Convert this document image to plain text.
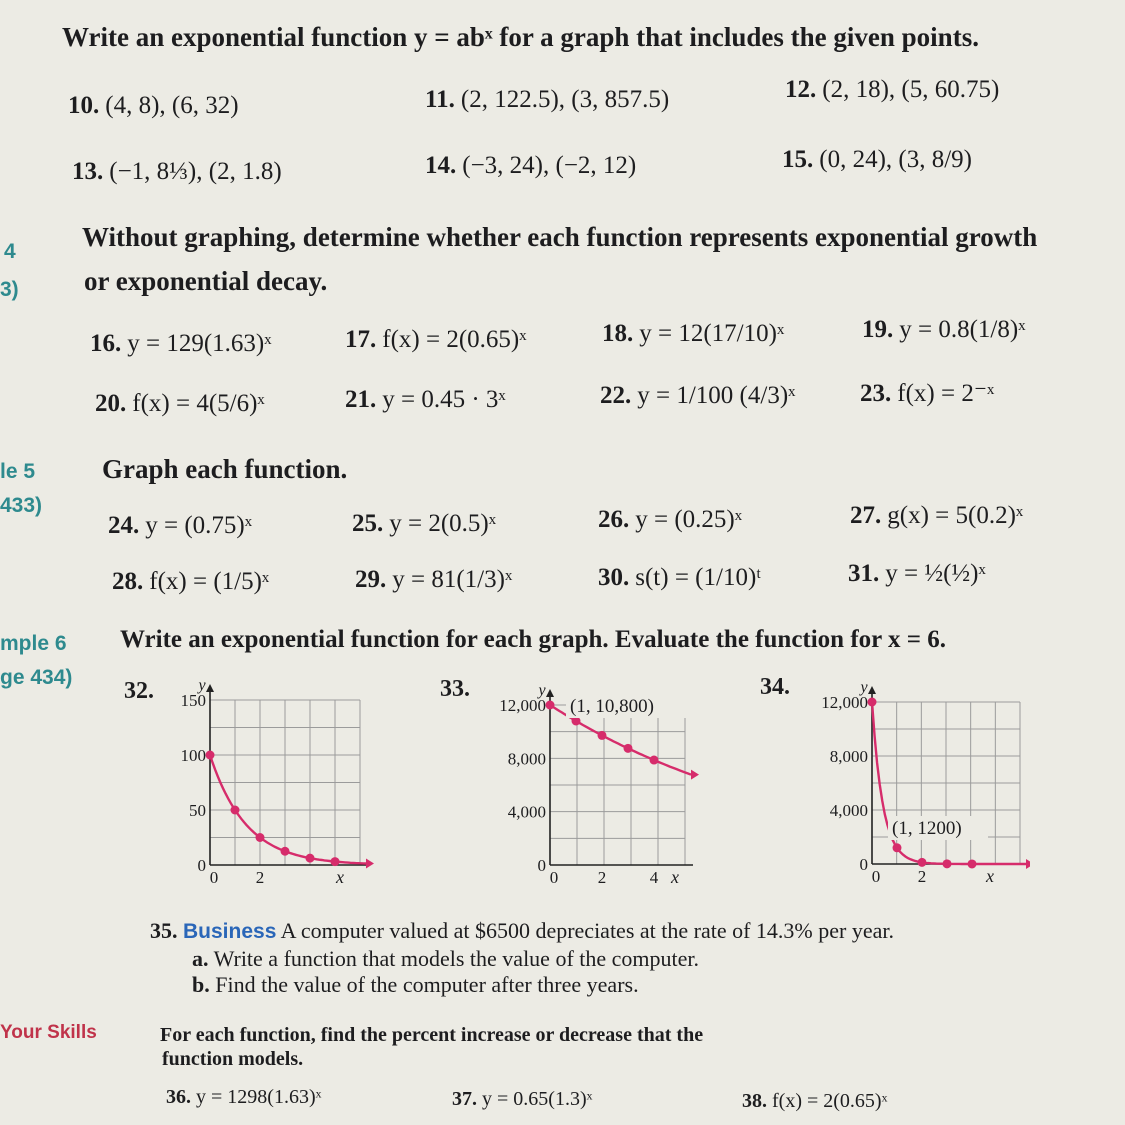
Write an exponential function y = abˣ for a graph that includes the given points.
10. (4, 8), (6, 32)	11. (2, 122.5), (3, 857.5)	12. (2, 18), (5, 60.75)
13. (−1, 8⅓), (2, 1.8)	14. (−3, 24), (−2, 12)	15. (0, 24), (3, 8/9)
4
3)
Without graphing, determine whether each function represents exponential growth
or exponential decay.
16. y = 129(1.63)ˣ	17. f(x) = 2(0.65)ˣ	18. y = 12(17/10)ˣ	19. y = 0.8(1/8)ˣ
20. f(x) = 4(5/6)ˣ	21. y = 0.45 · 3ˣ	22. y = 1/100 (4/3)ˣ	23. f(x) = 2⁻ˣ
le 5
433)
Graph each function.
24. y = (0.75)ˣ	25. y = 2(0.5)ˣ	26. y = (0.25)ˣ	27. g(x) = 5(0.2)ˣ
28. f(x) = (1/5)ˣ	29. y = 81(1/3)ˣ	30. s(t) = (1/10)ᵗ	31. y = ½(½)ˣ
mple 6
ge 434)
Write an exponential function for each graph. Evaluate the function for x = 6.
32.	y
x
150
100
50
0
0 2
33.	y
x
12,000
8,000
4,000
0
0 2	4
(1, 10,800)
34.	y
x
12,000
8,000
4,000
0
0 2
(1, 1200)
35. Business A computer valued at $6500 depreciates at the rate of 14.3% per year.
a. Write a function that models the value of the computer.
b. Find the value of the computer after three years.
Your Skills	For each function, find the percent increase or decrease that the
function models.
36. y = 1298(1.63)ˣ	37. y = 0.65(1.3)ˣ	38. f(x) = 2(0.65)ˣ
